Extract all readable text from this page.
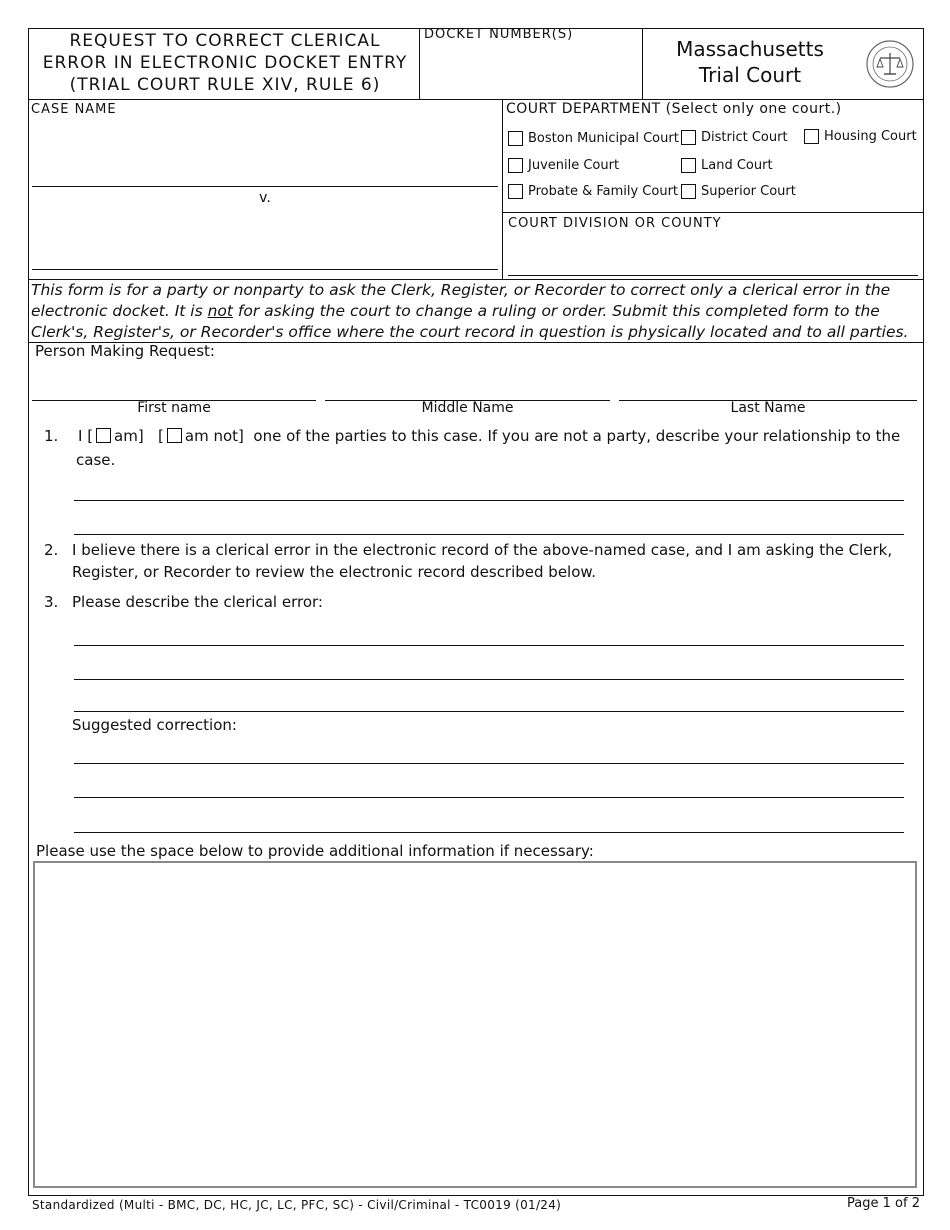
REQUEST TO CORRECT CLERICAL
ERROR IN ELECTRONIC DOCKET ENTRY
(TRIAL COURT RULE XIV, RULE 6)
DOCKET NUMBER(S)
Massachusetts
Trial Court
CASE NAME
v.
COURT DEPARTMENT (Select only one court.)
Boston Municipal Court District Court	Housing Court
Juvenile Court	Land Court
Probate & Family Court Superior Court
COURT DIVISION OR COUNTY
This form is for a party or nonparty to ask the Clerk, Register, or Recorder to correct only a clerical error in the electronic docket. It is not for asking the court to change a ruling or order. Submit this completed form to the Clerk's, Register's, or Recorder's office where the court record in question is physically located and to all parties.
Person Making Request:
First name	Middle Name	Last Name
1. I [ am] [ am not] one of the parties to this case. If you are not a party, describe your relationship to the
case.
2. I believe there is a clerical error in the electronic record of the above-named case, and I am asking the Clerk,
Register, or Recorder to review the electronic record described below.
3. Please describe the clerical error:
Suggested correction:
Please use the space below to provide additional information if necessary:
Standardized (Multi - BMC, DC, HC, JC, LC, PFC, SC) - Civil/Criminal - TC0019 (01/24)	Page 1 of 2
